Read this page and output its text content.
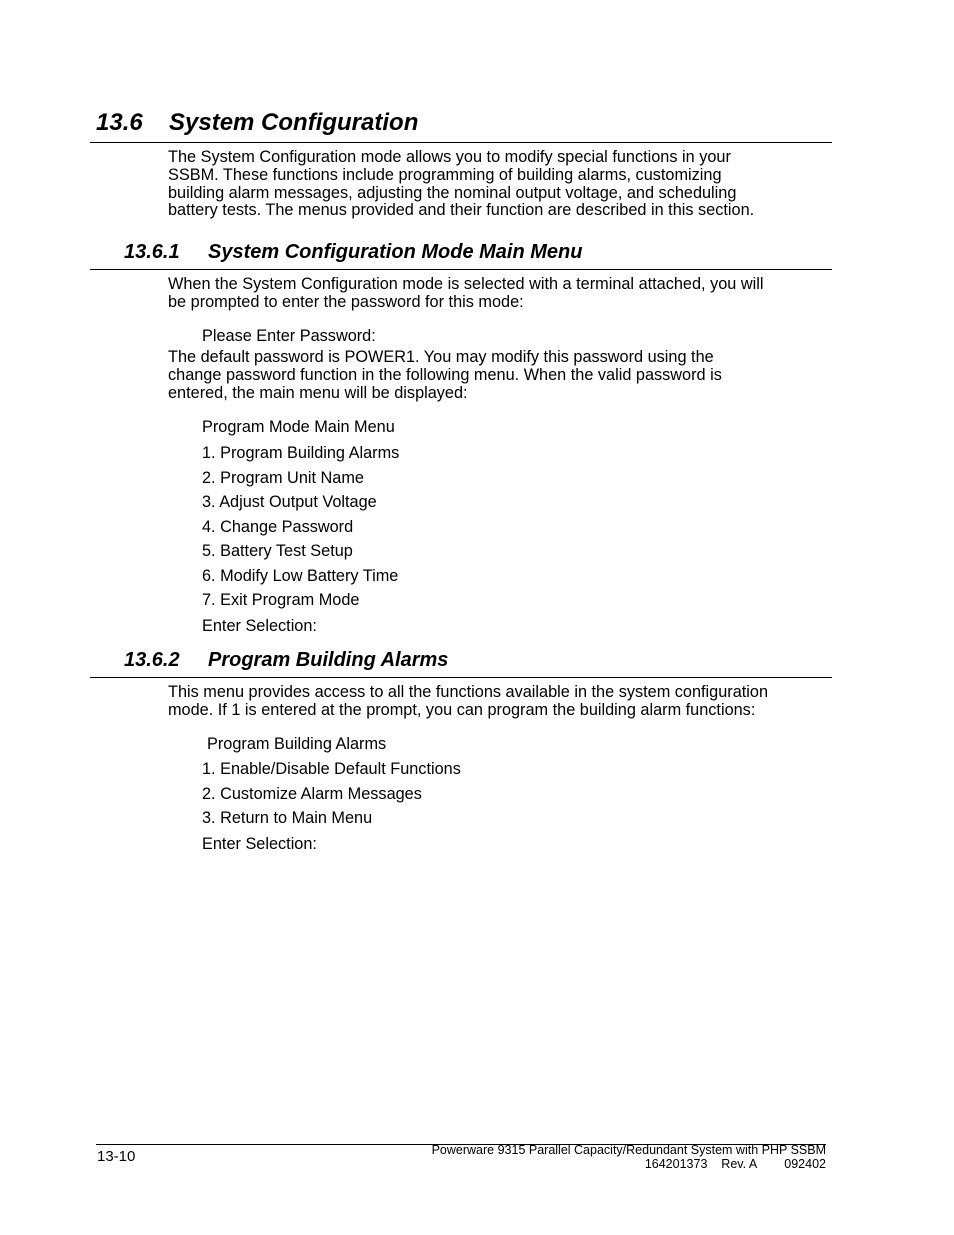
13.6 System Configuration
The System Configuration mode allows you to modify special functions in your
SSBM. These functions include programming of building alarms, customizing
building alarm messages, adjusting the nominal output voltage, and scheduling
battery tests. The menus provided and their function are described in this section.
13.6.1 System Configuration Mode Main Menu
When the System Configuration mode is selected with a terminal attached, you will
be prompted to enter the password for this mode:
Please Enter Password:
The default password is POWER1. You may modify this password using the
change password function in the following menu. When the valid password is
entered, the main menu will be displayed:
Program Mode Main Menu
1. Program Building Alarms
2. Program Unit Name
3. Adjust Output Voltage
4. Change Password
5. Battery Test Setup
6. Modify Low Battery Time
7. Exit Program Mode
Enter Selection:
13.6.2 Program Building Alarms
This menu provides access to all the functions available in the system configuration
mode. If 1 is entered at the prompt, you can program the building alarm functions:
Program Building Alarms
1. Enable/Disable Default Functions
2. Customize Alarm Messages
3. Return to Main Menu
Enter Selection:
13-10	Powerware 9315 Parallel Capacity/Redundant System with PHP SSBM
164201373    Rev. A        092402
